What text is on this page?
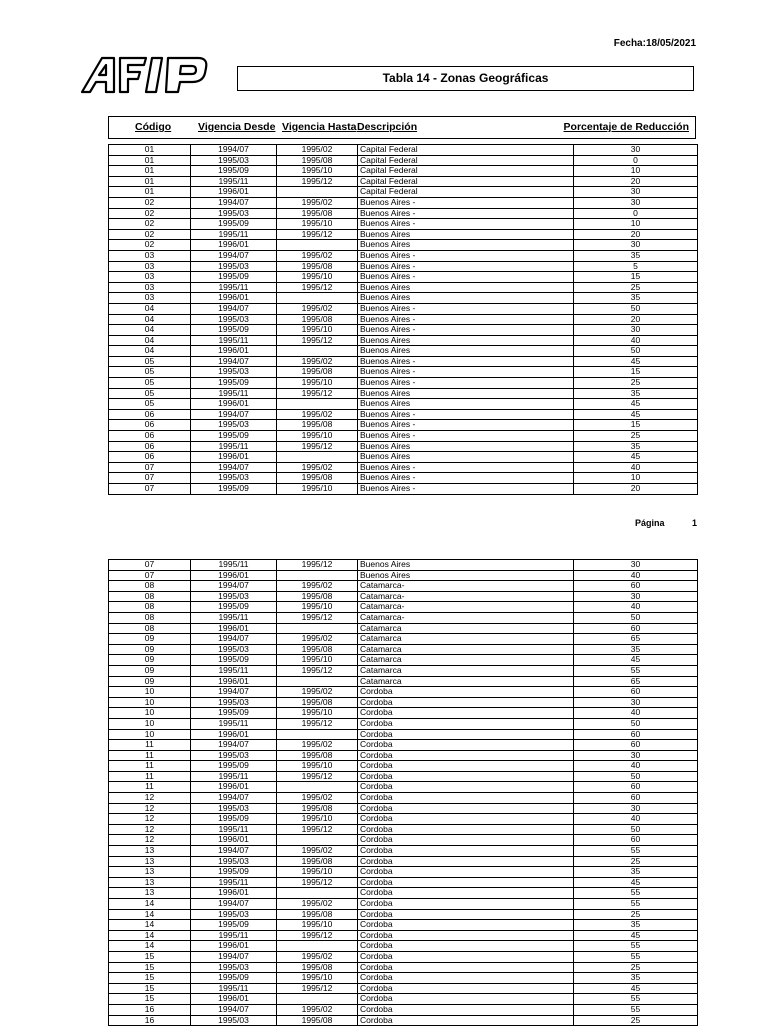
Fecha:18/05/2021
Tabla 14 - Zonas Geográficas
Código	Vigencia Desde Vigencia Hasta Descripción	Porcentaje de Reducción
01	1994/07	1995/02	Capital Federal	30
01	1995/03	1995/08	Capital Federal	0
01	1995/09	1995/10	Capital Federal	10
01	1995/11	1995/12	Capital Federal	20
01	1996/01		Capital Federal	30
02	1994/07	1995/02	Buenos Aires -	30
02	1995/03	1995/08	Buenos Aires -	0
02	1995/09	1995/10	Buenos Aires -	10
02	1995/11	1995/12	Buenos Aires	20
02	1996/01		Buenos Aires	30
03	1994/07	1995/02	Buenos Aires -	35
03	1995/03	1995/08	Buenos Aires -	5
03	1995/09	1995/10	Buenos Aires -	15
03	1995/11	1995/12	Buenos Aires	25
03	1996/01		Buenos Aires	35
04	1994/07	1995/02	Buenos Aires -	50
04	1995/03	1995/08	Buenos Aires -	20
04	1995/09	1995/10	Buenos Aires -	30
04	1995/11	1995/12	Buenos Aires	40
04	1996/01		Buenos Aires	50
05	1994/07	1995/02	Buenos Aires -	45
05	1995/03	1995/08	Buenos Aires -	15
05	1995/09	1995/10	Buenos Aires -	25
05	1995/11	1995/12	Buenos Aires	35
05	1996/01		Buenos Aires	45
06	1994/07	1995/02	Buenos Aires -	45
06	1995/03	1995/08	Buenos Aires -	15
06	1995/09	1995/10	Buenos Aires -	25
06	1995/11	1995/12	Buenos Aires	35
06	1996/01		Buenos Aires	45
07	1994/07	1995/02	Buenos Aires -	40
07	1995/03	1995/08	Buenos Aires -	10
07	1995/09	1995/10	Buenos Aires -	20
Página	1
07	1995/11	1995/12	Buenos Aires	30
07	1996/01		Buenos Aires	40
08	1994/07	1995/02	Catamarca-	60
08	1995/03	1995/08	Catamarca-	30
08	1995/09	1995/10	Catamarca-	40
08	1995/11	1995/12	Catamarca-	50
08	1996/01		Catamarca	60
09	1994/07	1995/02	Catamarca	65
09	1995/03	1995/08	Catamarca	35
09	1995/09	1995/10	Catamarca	45
09	1995/11	1995/12	Catamarca	55
09	1996/01		Catamarca	65
10	1994/07	1995/02	Cordoba	60
10	1995/03	1995/08	Cordoba	30
10	1995/09	1995/10	Cordoba	40
10	1995/11	1995/12	Cordoba	50
10	1996/01		Cordoba	60
11	1994/07	1995/02	Cordoba	60
11	1995/03	1995/08	Cordoba	30
11	1995/09	1995/10	Cordoba	40
11	1995/11	1995/12	Cordoba	50
11	1996/01		Cordoba	60
12	1994/07	1995/02	Cordoba	60
12	1995/03	1995/08	Cordoba	30
12	1995/09	1995/10	Cordoba	40
12	1995/11	1995/12	Cordoba	50
12	1996/01		Cordoba	60
13	1994/07	1995/02	Cordoba	55
13	1995/03	1995/08	Cordoba	25
13	1995/09	1995/10	Cordoba	35
13	1995/11	1995/12	Cordoba	45
13	1996/01		Cordoba	55
14	1994/07	1995/02	Cordoba	55
14	1995/03	1995/08	Cordoba	25
14	1995/09	1995/10	Cordoba	35
14	1995/11	1995/12	Cordoba	45
14	1996/01		Cordoba	55
15	1994/07	1995/02	Cordoba	55
15	1995/03	1995/08	Cordoba	25
15	1995/09	1995/10	Cordoba	35
15	1995/11	1995/12	Cordoba	45
15	1996/01		Cordoba	55
16	1994/07	1995/02	Cordoba	55
16	1995/03	1995/08	Cordoba	25
